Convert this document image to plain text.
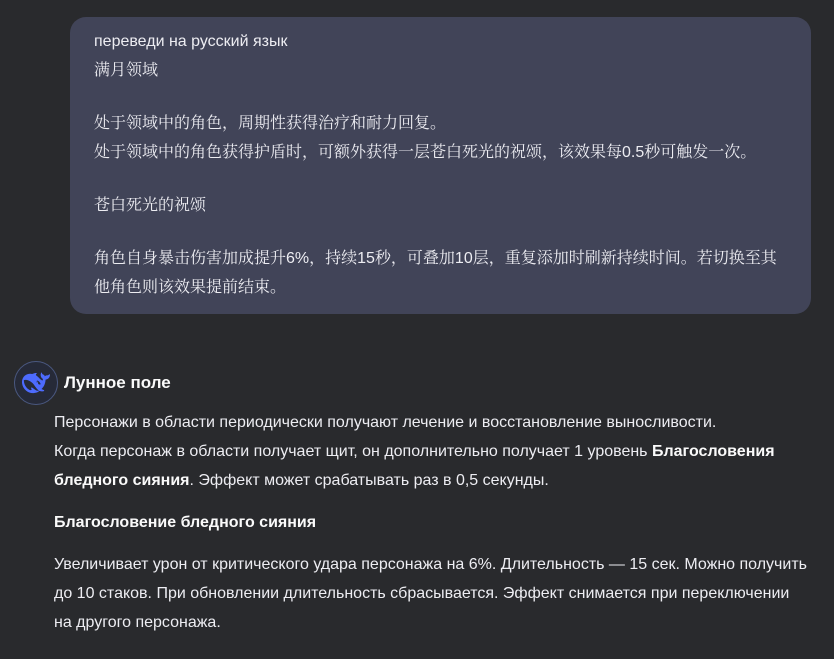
переведи на русский язык
满月领域

处于领域中的角色，周期性获得治疗和耐力回复。
处于领域中的角色获得护盾时，可额外获得一层苍白死光的祝颂，该效果每0.5秒可触发一次。

苍白死光的祝颂

角色自身暴击伤害加成提升6%，持续15秒，可叠加10层，重复添加时刷新持续时间。若切换至其他角色则该效果提前结束。

Лунное поле

Персонажи в области периодически получают лечение и восстановление выносливости.
Когда персонаж в области получает щит, он дополнительно получает 1 уровень Благословения бледного сияния. Эффект может срабатывать раз в 0,5 секунды.

Благословение бледного сияния

Увеличивает урон от критического удара персонажа на 6%. Длительность — 15 сек. Можно получить до 10 стаков. При обновлении длительность сбрасывается. Эффект снимается при переключении на другого персонажа.
